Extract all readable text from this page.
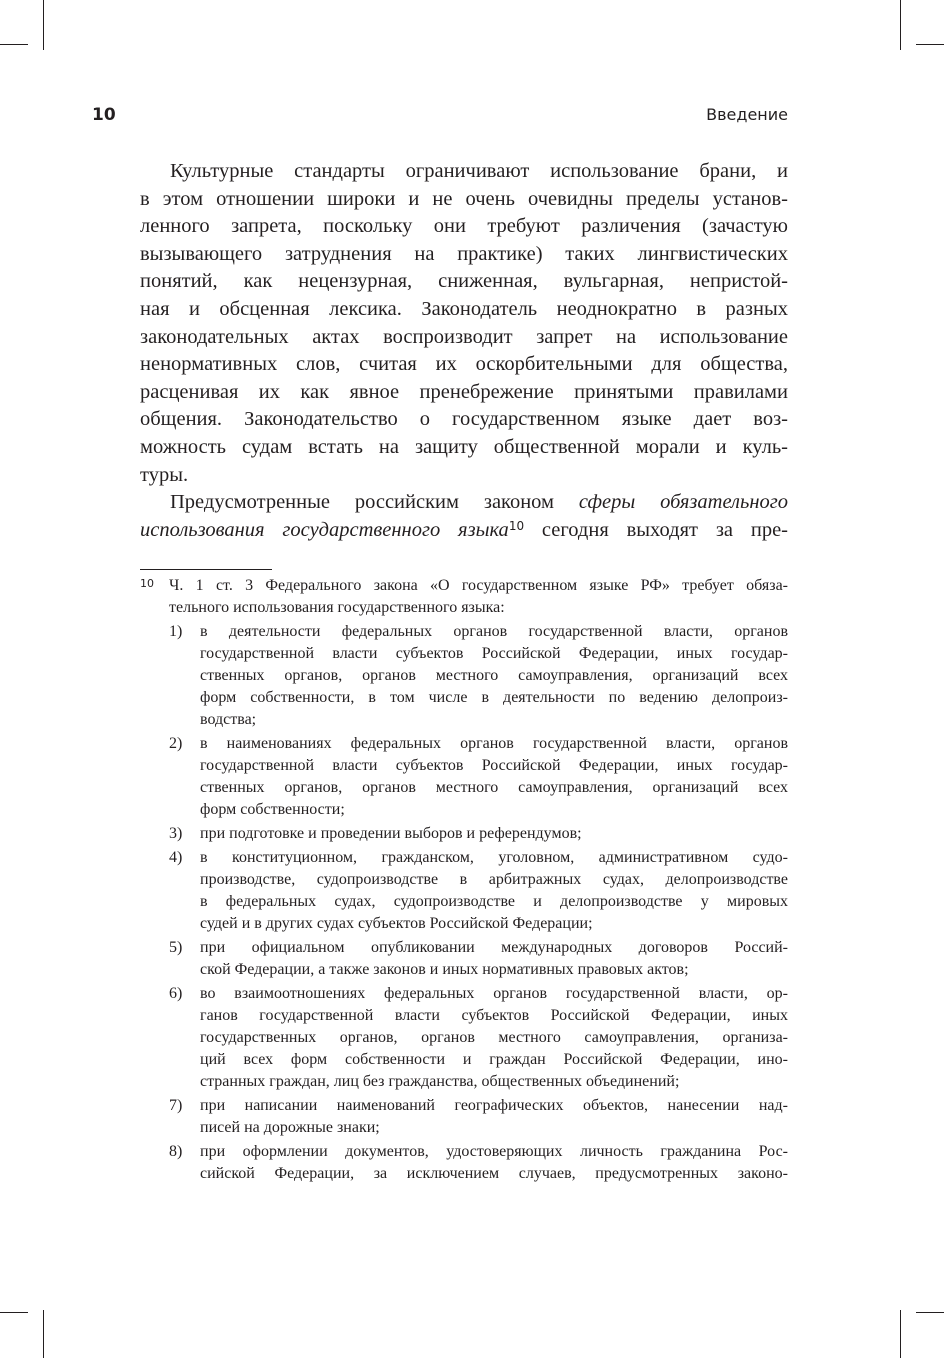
10	Введение
Культурные стандарты ограничивают использование брани, и
в этом отношении широки и не очень очевидны пределы установ-
ленного запрета, поскольку они требуют различения (зачастую
вызывающего затруднения на практике) таких лингвистических
понятий, как нецензурная, сниженная, вульгарная, непристой-
ная и обсценная лексика. Законодатель неоднократно в разных
законодательных актах воспроизводит запрет на использование
ненормативных слов, считая их оскорбительными для общества,
расценивая их как явное пренебрежение принятыми правилами
общения. Законодательство о государственном языке дает воз-
можность судам встать на защиту общественной морали и куль-
туры.
Предусмотренные российским законом сферы обязательного
использования государственного языка$^{10}$ сегодня выходят за пре-
10 Ч. 1 ст. 3 Федерального закона «О государственном языке РФ» требует обяза-
тельного использования государственного языка:
1) в деятельности федеральных органов государственной власти, органов
государственной власти субъектов Российской Федерации, иных государ-
ственных органов, органов местного самоуправления, организаций всех
форм собственности, в том числе в деятельности по ведению делопроиз-
водства;
2) в наименованиях федеральных органов государственной власти, органов
государственной власти субъектов Российской Федерации, иных государ-
ственных органов, органов местного самоуправления, организаций всех
форм собственности;
3) при подготовке и проведении выборов и референдумов;
4) в конституционном, гражданском, уголовном, административном судо-
производстве, судопроизводстве в арбитражных судах, делопроизводстве
в федеральных судах, судопроизводстве и делопроизводстве у мировых
судей и в других судах субъектов Российской Федерации;
5) при официальном опубликовании международных договоров Россий-
ской Федерации, а также законов и иных нормативных правовых актов;
6) во взаимоотношениях федеральных органов государственной власти, ор-
ганов государственной власти субъектов Российской Федерации, иных
государственных органов, органов местного самоуправления, организа-
ций всех форм собственности и граждан Российской Федерации, ино-
странных граждан, лиц без гражданства, общественных объединений;
7) при написании наименований географических объектов, нанесении над-
писей на дорожные знаки;
8) при оформлении документов, удостоверяющих личность гражданина Рос-
сийской Федерации, за исключением случаев, предусмотренных законо-
